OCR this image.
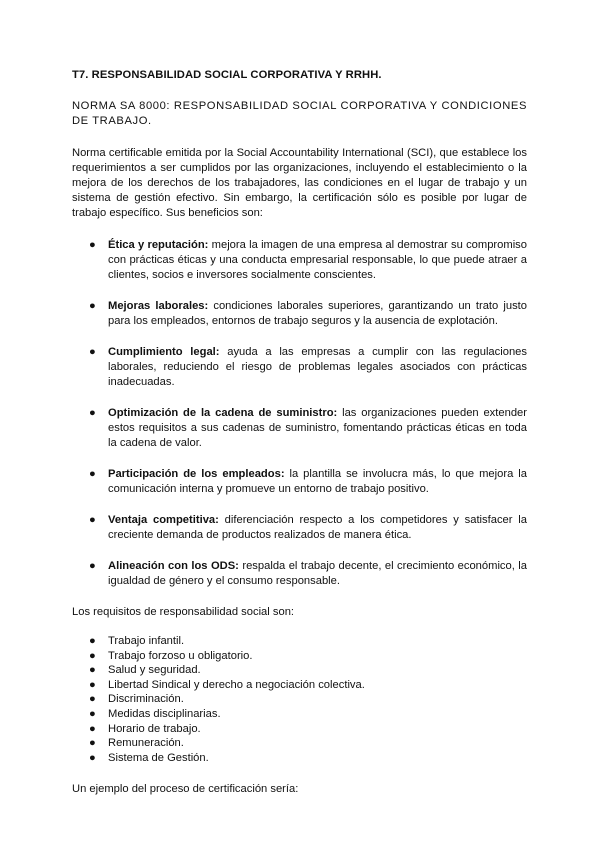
T7. RESPONSABILIDAD SOCIAL CORPORATIVA Y RRHH.

NORMA SA 8000: RESPONSABILIDAD SOCIAL CORPORATIVA Y CONDICIONES DE TRABAJO.

Norma certificable emitida por la Social Accountability International (SCI), que establece los requerimientos a ser cumplidos por las organizaciones, incluyendo el establecimiento o la mejora de los derechos de los trabajadores, las condiciones en el lugar de trabajo y un sistema de gestión efectivo. Sin embargo, la certificación sólo es posible por lugar de trabajo específico. Sus beneficios son:

● Ética y reputación: mejora la imagen de una empresa al demostrar su compromiso con prácticas éticas y una conducta empresarial responsable, lo que puede atraer a clientes, socios e inversores socialmente conscientes.
● Mejoras laborales: condiciones laborales superiores, garantizando un trato justo para los empleados, entornos de trabajo seguros y la ausencia de explotación.
● Cumplimiento legal: ayuda a las empresas a cumplir con las regulaciones laborales, reduciendo el riesgo de problemas legales asociados con prácticas inadecuadas.
● Optimización de la cadena de suministro: las organizaciones pueden extender estos requisitos a sus cadenas de suministro, fomentando prácticas éticas en toda la cadena de valor.
● Participación de los empleados: la plantilla se involucra más, lo que mejora la comunicación interna y promueve un entorno de trabajo positivo.
● Ventaja competitiva: diferenciación respecto a los competidores y satisfacer la creciente demanda de productos realizados de manera ética.
● Alineación con los ODS: respalda el trabajo decente, el crecimiento económico, la igualdad de género y el consumo responsable.

Los requisitos de responsabilidad social son:

● Trabajo infantil.
● Trabajo forzoso u obligatorio.
● Salud y seguridad.
● Libertad Sindical y derecho a negociación colectiva.
● Discriminación.
● Medidas disciplinarias.
● Horario de trabajo.
● Remuneración.
● Sistema de Gestión.

Un ejemplo del proceso de certificación sería:
